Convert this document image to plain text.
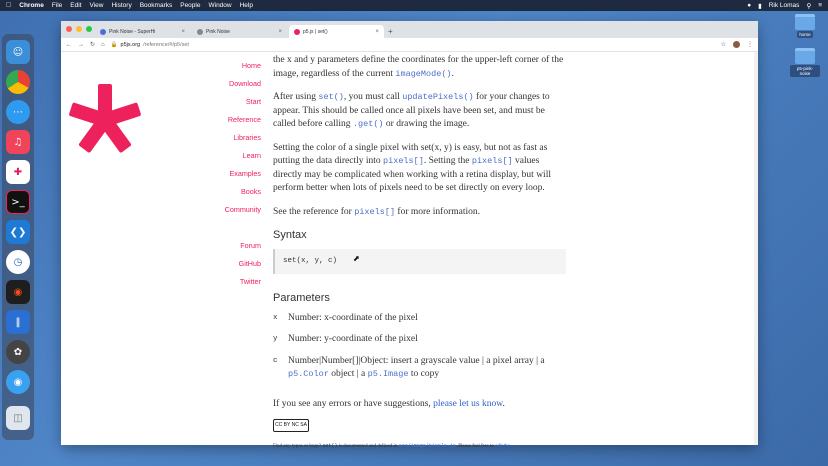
Chrome File Edit View History Bookmarks People Window Help	● ▮ Rik Lomas ⚲ ≡
home
p5-pink-noise
☺
⋯
♫
✚
>_
❮❯
◷
◉
‖
✿
◉
◫
Pink Noise - SuperHi	×	Pink Noise	×	p5.js | set()	× +
← → ↻ ⌂ 🔒 p5js.org /reference/#/p5/set	☆	⋮
Home
Download
Start
Reference
Libraries
Learn
Examples
Books
Community
Forum
GitHub
Twitter

the x and y parameters define the coordinates for the upper-left corner of the image, regardless of the current imageMode().

After using set(), you must call updatePixels() for your changes to appear. This should be called once all pixels have been set, and must be called before calling .get() or drawing the image.

Setting the color of a single pixel with set(x, y) is easy, but not as fast as putting the data directly into pixels[]. Setting the pixels[] values directly may be complicated when working with a retina display, but will perform better when lots of pixels need to be set directly on every loop.

See the reference for pixels[] for more information.

Syntax
set(x, y, c)
Parameters
x	Number: x-coordinate of the pixel
y	Number: y-coordinate of the pixel
c	Number|Number[]|Object: insert a grayscale value | a pixel array | a p5.Color object | a p5.Image to copy

If you see any errors or have suggestions, please let us know.

CC BY NC SA
Find any typos or bugs? set() is documented and defined in src/image/pixels.js. Please feel free to edit the
⬈
